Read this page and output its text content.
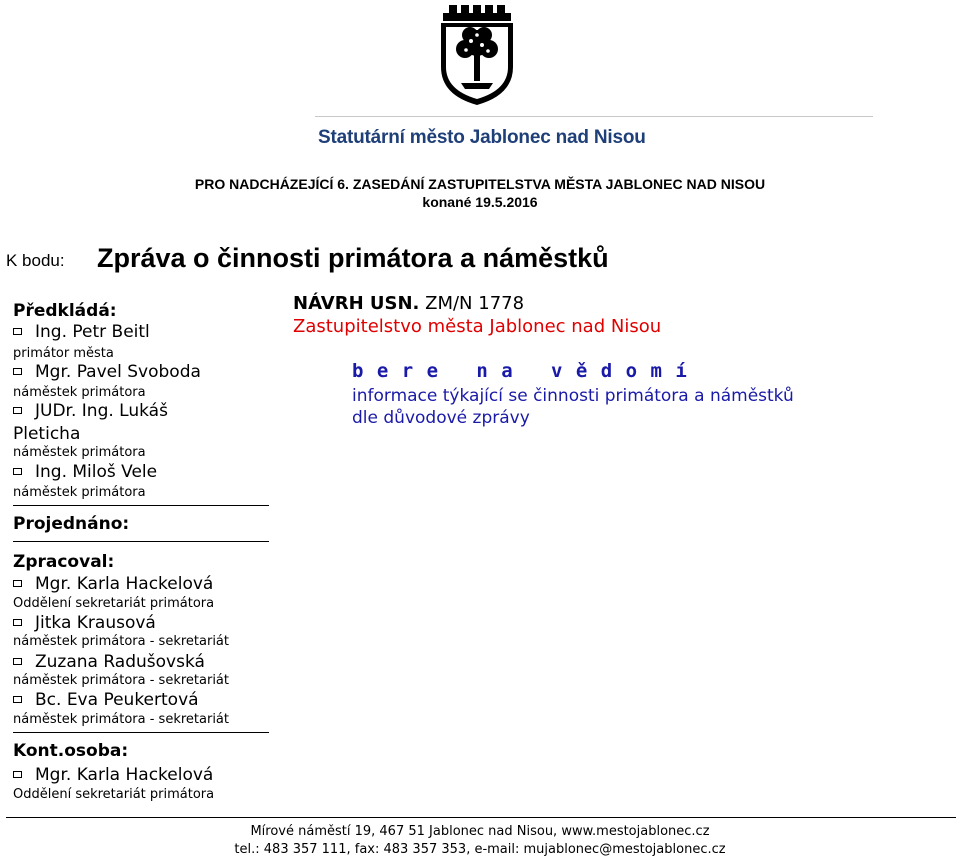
Statutární město Jablonec nad Nisou
PRO NADCHÁZEJÍCÍ 6. ZASEDÁNÍ ZASTUPITELSTVA MĚSTA JABLONEC NAD NISOU
konané 19.5.2016
K bodu: Zpráva o činnosti primátora a náměstků
Předkládá:
Ing. Petr Beitl
primátor města
Mgr. Pavel Svoboda
náměstek primátora
JUDr. Ing. Lukáš
Pleticha
náměstek primátora
Ing. Miloš Vele
náměstek primátora
Projednáno:
Zpracoval:
Mgr. Karla Hackelová
Oddělení sekretariát primátora
Jitka Krausová
náměstek primátora - sekretariát
Zuzana Radušovská
náměstek primátora - sekretariát
Bc. Eva Peukertová
náměstek primátora - sekretariát
Kont.osoba:
Mgr. Karla Hackelová
Oddělení sekretariát primátora
NÁVRH USN. ZM/N 1778
Zastupitelstvo města Jablonec nad Nisou
b e r e   n a   v ě d o m í
informace týkající se činnosti primátora a náměstků
dle důvodové zprávy
Mírové náměstí 19, 467 51 Jablonec nad Nisou, www.mestojablonec.cz
tel.: 483 357 111, fax: 483 357 353, e-mail: mujablonec@mestojablonec.cz
